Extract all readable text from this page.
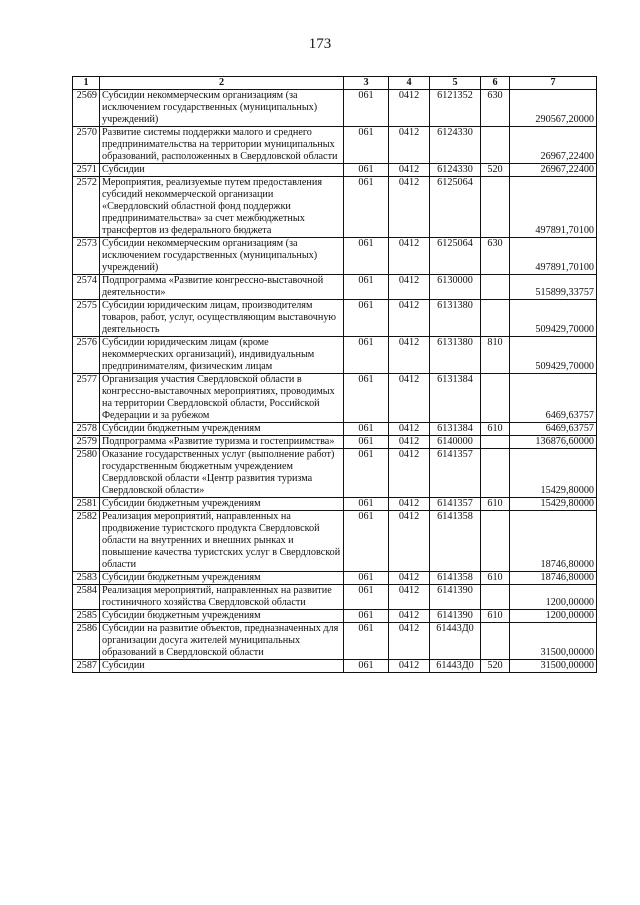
173
1	2	3	4	5	6	7
2569	Субсидии некоммерческим организациям (за исключением государственных (муниципальных) учреждений)	061	0412	6121352	630	290567,20000
2570	Развитие системы поддержки малого и среднего предпринимательства на территории муниципальных образований, расположенных в Свердловской области	061	0412	6124330		26967,22400
2571	Субсидии	061	0412	6124330	520	26967,22400
2572	Мероприятия, реализуемые путем предоставления субсидий некоммерческой организации «Свердловский областной фонд поддержки предпринимательства» за счет межбюджетных трансфертов из федерального бюджета	061	0412	6125064		497891,70100
2573	Субсидии некоммерческим организациям (за исключением государственных (муниципальных) учреждений)	061	0412	6125064	630	497891,70100
2574	Подпрограмма «Развитие конгрессно-выставочной деятельности»	061	0412	6130000		515899,33757
2575	Субсидии юридическим лицам, производителям товаров, работ, услуг, осуществляющим выставочную деятельность	061	0412	6131380		509429,70000
2576	Субсидии юридическим лицам (кроме некоммерческих организаций), индивидуальным предпринимателям, физическим лицам	061	0412	6131380	810	509429,70000
2577	Организация участия Свердловской области в конгрессно-выставочных мероприятиях, проводимых на территории Свердловской области, Российской Федерации и за рубежом	061	0412	6131384		6469,63757
2578	Субсидии бюджетным учреждениям	061	0412	6131384	610	6469,63757
2579	Подпрограмма «Развитие туризма и гостеприимства»	061	0412	6140000		136876,60000
2580	Оказание государственных услуг (выполнение работ) государственным бюджетным учреждением Свердловской области «Центр развития туризма Свердловской области»	061	0412	6141357		15429,80000
2581	Субсидии бюджетным учреждениям	061	0412	6141357	610	15429,80000
2582	Реализация мероприятий, направленных на продвижение туристского продукта Свердловской области на внутренних и внешних рынках и повышение качества туристских услуг в Свердловской области	061	0412	6141358		18746,80000
2583	Субсидии бюджетным учреждениям	061	0412	6141358	610	18746,80000
2584	Реализация мероприятий, направленных на развитие гостиничного хозяйства Свердловской области	061	0412	6141390		1200,00000
2585	Субсидии бюджетным учреждениям	061	0412	6141390	610	1200,00000
2586	Субсидии на развитие объектов, предназначенных для организации досуга жителей муниципальных образований в Свердловской области	061	0412	61443Д0		31500,00000
2587	Субсидии	061	0412	61443Д0	520	31500,00000
